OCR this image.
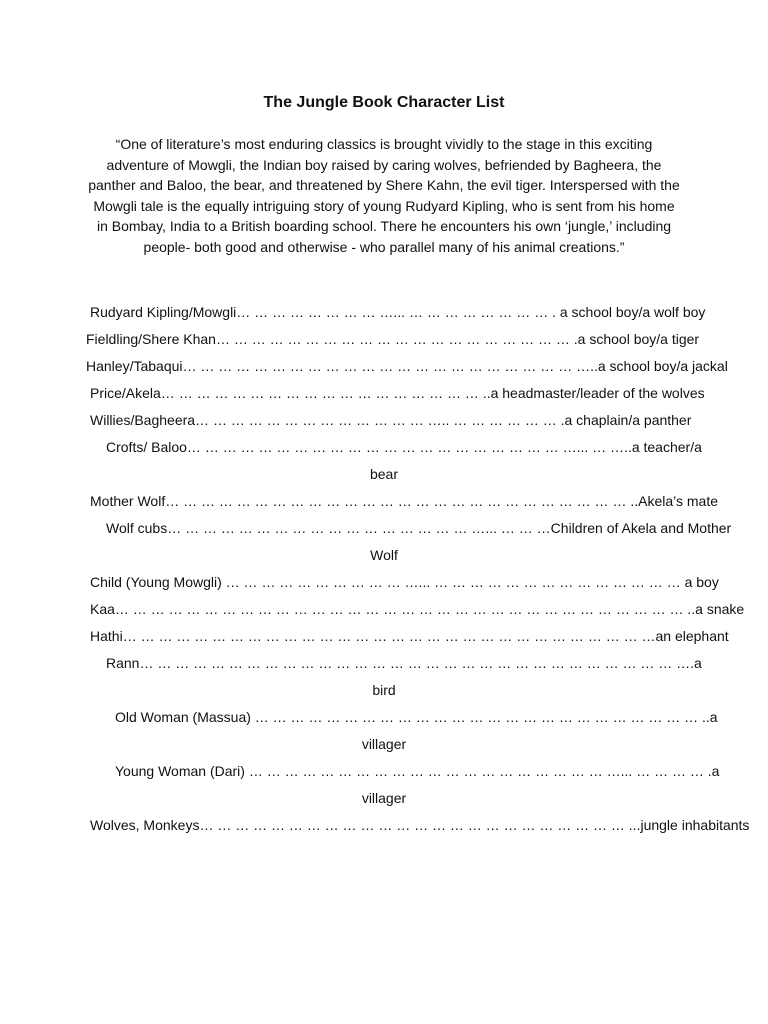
The Jungle Book Character List
“One of literature’s most enduring classics is brought vividly to the stage in this exciting adventure of Mowgli, the Indian boy raised by caring wolves, befriended by Bagheera, the panther and Baloo, the bear, and threatened by Shere Kahn, the evil tiger. Interspersed with the Mowgli tale is the equally intriguing story of young Rudyard Kipling, who is sent from his home in Bombay, India to a British boarding school. There he encounters his own ‘jungle,’ including people- both good and otherwise - who parallel many of his animal creations.”
Rudyard Kipling/Mowgli… … … … … … … … …... … … … … … … … … . a school boy/a wolf boy
Fieldling/Shere Khan… … … … … … … … … … … … … … … … … … … … .a school boy/a tiger
Hanley/Tabaqui… … … … … … … … … … … … … … … … … … … … … … …..a school boy/a jackal
Price/Akela… … … … … … … … … … … … … … … … … … ..a headmaster/leader of the wolves
Willies/Bagheera… … … … … … … … … … … … … ….. … … … … … … .a chaplain/a panther
Crofts/ Baloo… … … … … … … … … … … … … … … … … … … … … …... … …..a teacher/a
bear
Mother Wolf… … … … … … … … … … … … … … … … … … … … … … … … … … ..Akela’s mate
Wolf cubs… … … … … … … … … … … … … … … … … …... … … …Children of Akela and Mother
Wolf
Child (Young Mowgli) … … … … … … … … … … …... … … … … … … … … … … … … … … a boy
Kaa… … … … … … … … … … … … … … … … … … … … … … … … … … … … … … … … ..a snake
Hathi… … … … … … … … … … … … … … … … … … … … … … … … … … … … … …an elephant
Rann… … … … … … … … … … … … … … … … … … … … … … … … … … … … … … ….a
bird
Old Woman (Massua) … … … … … … … … … … … … … … … … … … … … … … … … … ..a
villager
Young Woman (Dari) … … … … … … … … … … … … … … … … … … … … …... … … … … .a
villager
Wolves, Monkeys… … … … … … … … … … … … … … … … … … … … … … … … ...jungle inhabitants
